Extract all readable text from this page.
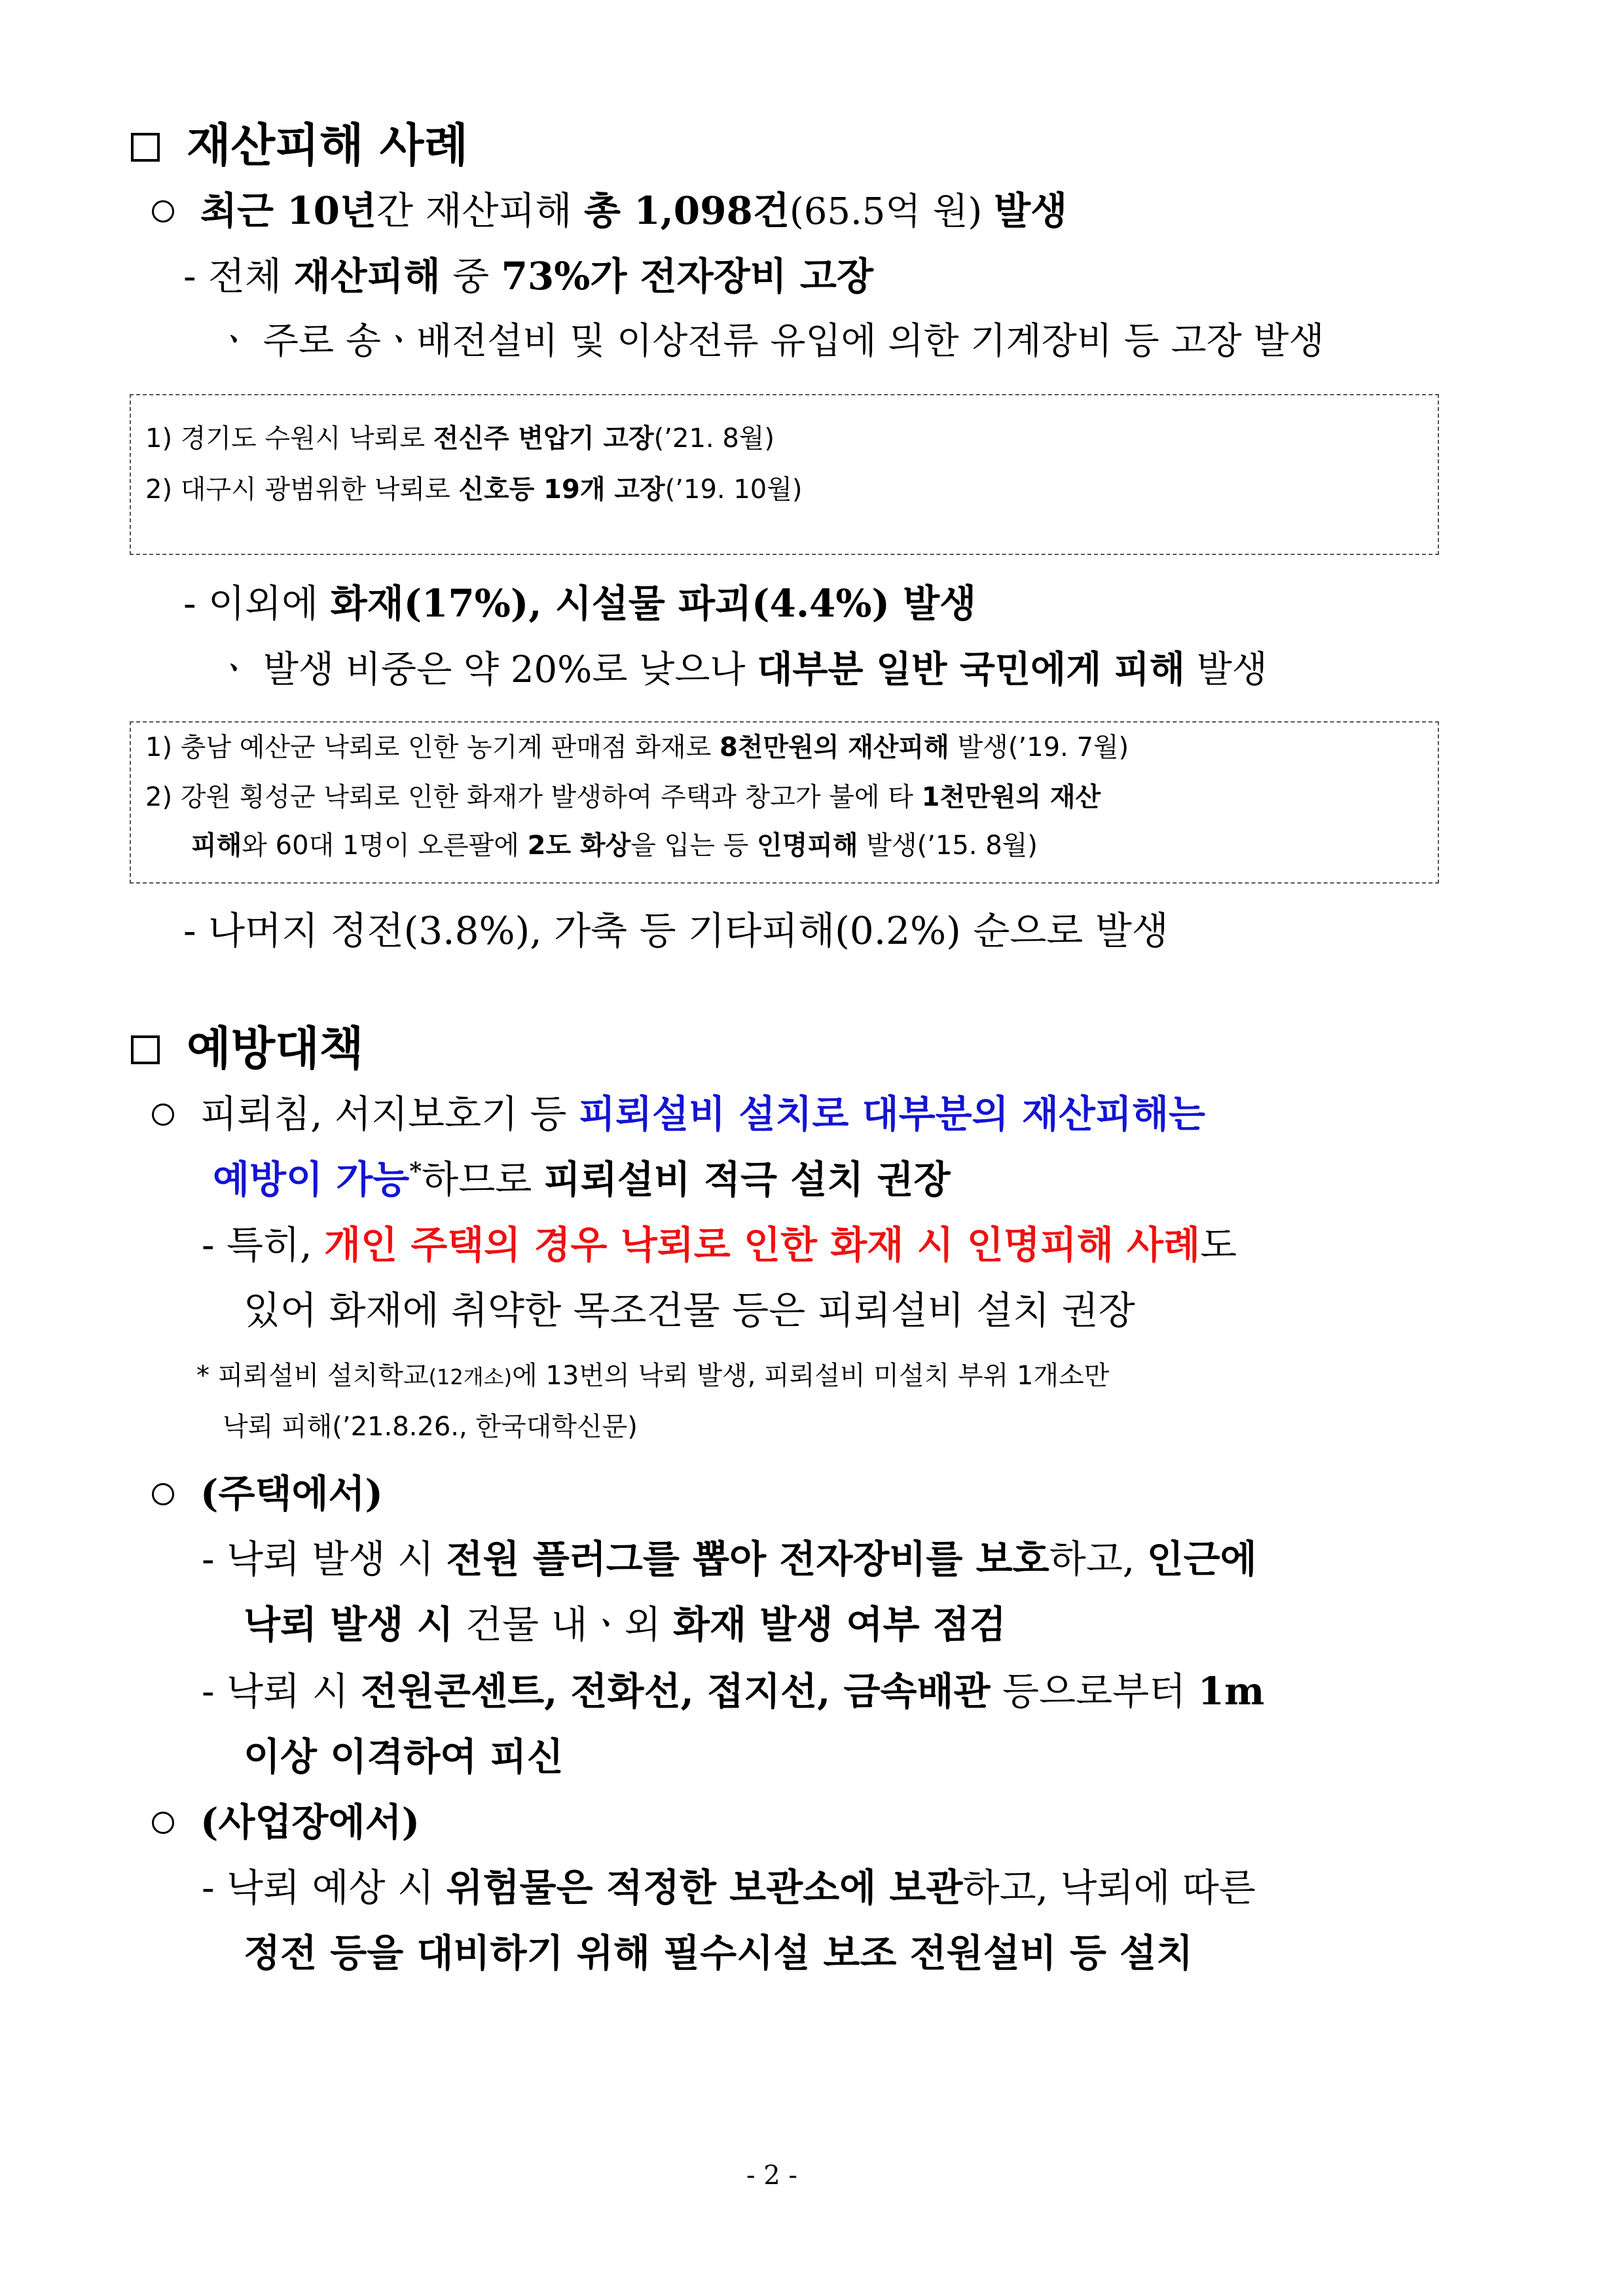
재산피해 사례
최근 10년간 재산피해 총 1,098건(65.5억 원) 발생
- 전체 재산피해 중 73%가 전자장비 고장
ㆍ 주로 송ㆍ배전설비 및 이상전류 유입에 의한 기계장비 등 고장 발생
1) 경기도 수원시 낙뢰로 전신주 변압기 고장(’21. 8월)
2) 대구시 광범위한 낙뢰로 신호등 19개 고장(’19. 10월)
- 이외에 화재(17%), 시설물 파괴(4.4%) 발생
ㆍ 발생 비중은 약 20%로 낮으나 대부분 일반 국민에게 피해 발생
1) 충남 예산군 낙뢰로 인한 농기계 판매점 화재로 8천만원의 재산피해 발생(’19. 7월)
2) 강원 횡성군 낙뢰로 인한 화재가 발생하여 주택과 창고가 불에 타 1천만원의 재산
피해와 60대 1명이 오른팔에 2도 화상을 입는 등 인명피해 발생(’15. 8월)
- 나머지 정전(3.8%), 가축 등 기타피해(0.2%) 순으로 발생
예방대책
피뢰침, 서지보호기 등 피뢰설비 설치로 대부분의 재산피해는
예방이 가능*하므로 피뢰설비 적극 설치 권장
- 특히, 개인 주택의 경우 낙뢰로 인한 화재 시 인명피해 사례도
있어 화재에 취약한 목조건물 등은 피뢰설비 설치 권장
* 피뢰설비 설치학교(12개소)에 13번의 낙뢰 발생, 피뢰설비 미설치 부위 1개소만
낙뢰 피해(’21.8.26., 한국대학신문)
(주택에서)
- 낙뢰 발생 시 전원 플러그를 뽑아 전자장비를 보호하고, 인근에
낙뢰 발생 시 건물 내ㆍ외 화재 발생 여부 점검
- 낙뢰 시 전원콘센트, 전화선, 접지선, 금속배관 등으로부터 1m
이상 이격하여 피신
(사업장에서)
- 낙뢰 예상 시 위험물은 적정한 보관소에 보관하고, 낙뢰에 따른
정전 등을 대비하기 위해 필수시설 보조 전원설비 등 설치
- 2 -
